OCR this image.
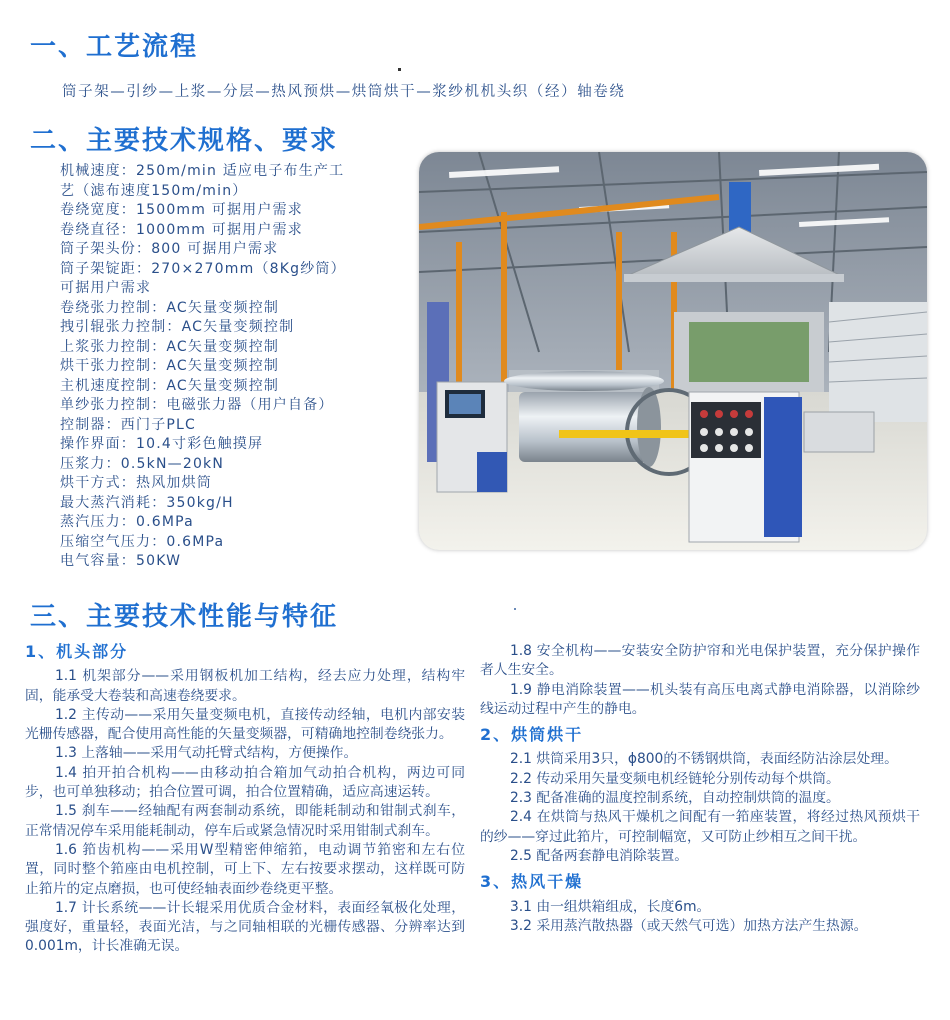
一、工艺流程
筒子架—引纱—上浆—分层—热风预烘—烘筒烘干—浆纱机机头织（经）轴卷绕
二、主要技术规格、要求
机械速度：250m/min 适应电子布生产工
艺（滤布速度150m/min）
卷绕宽度：1500mm 可据用户需求
卷绕直径：1000mm 可据用户需求
筒子架头份：800 可据用户需求
筒子架锭距：270×270mm（8Kg纱筒）
可据用户需求
卷绕张力控制：AC矢量变频控制
拽引辊张力控制：AC矢量变频控制
上浆张力控制：AC矢量变频控制
烘干张力控制：AC矢量变频控制
主机速度控制：AC矢量变频控制
单纱张力控制：电磁张力器（用户自备）
控制器：西门子PLC
操作界面：10.4寸彩色触摸屏
压浆力：0.5kN—20kN
烘干方式：热风加烘筒
最大蒸汽消耗：350kg/H
蒸汽压力：0.6MPa
压缩空气压力：0.6MPa
电气容量：50KW
三、主要技术性能与特征
1、机头部分

1.1 机架部分——采用钢板机加工结构，经去应力处理，结构牢固，能承受大卷装和高速卷绕要求。

1.2 主传动——采用矢量变频电机，直接传动经轴，电机内部安装光栅传感器，配合使用高性能的矢量变频器，可精确地控制卷绕张力。

1.3 上落轴——采用气动托臂式结构，方便操作。

1.4 拍开拍合机构——由移动拍合箱加气动拍合机构，两边可同步，也可单独移动；拍合位置可调，拍合位置精确，适应高速运转。

1.5 刹车——经轴配有两套制动系统，即能耗制动和钳制式刹车，正常情况停车采用能耗制动，停车后或紧急情况时采用钳制式刹车。

1.6 筘齿机构——采用W型精密伸缩筘，电动调节筘密和左右位置，同时整个筘座由电机控制，可上下、左右按要求摆动，这样既可防止筘片的定点磨损，也可使经轴表面纱卷绕更平整。

1.7 计长系统——计长辊采用优质合金材料，表面经氧极化处理，强度好，重量轻，表面光洁，与之同轴相联的光栅传感器、分辨率达到0.001m，计长准确无误。

1.8 安全机构——安装安全防护帘和光电保护装置，充分保护操作者人生安全。

1.9 静电消除装置——机头装有高压电离式静电消除器，以消除纱线运动过程中产生的静电。

2、烘筒烘干

2.1 烘筒采用3只，ϕ800的不锈钢烘筒，表面经防沾涂层处理。

2.2 传动采用矢量变频电机经链轮分别传动每个烘筒。

2.3 配备准确的温度控制系统，自动控制烘筒的温度。

2.4 在烘筒与热风干燥机之间配有一筘座装置，将经过热风预烘干的纱——穿过此筘片，可控制幅宽，又可防止纱相互之间干扰。

2.5 配备两套静电消除装置。

3、热风干燥

3.1 由一组烘箱组成，长度6m。

3.2 采用蒸汽散热器（或天然气可选）加热方法产生热源。
